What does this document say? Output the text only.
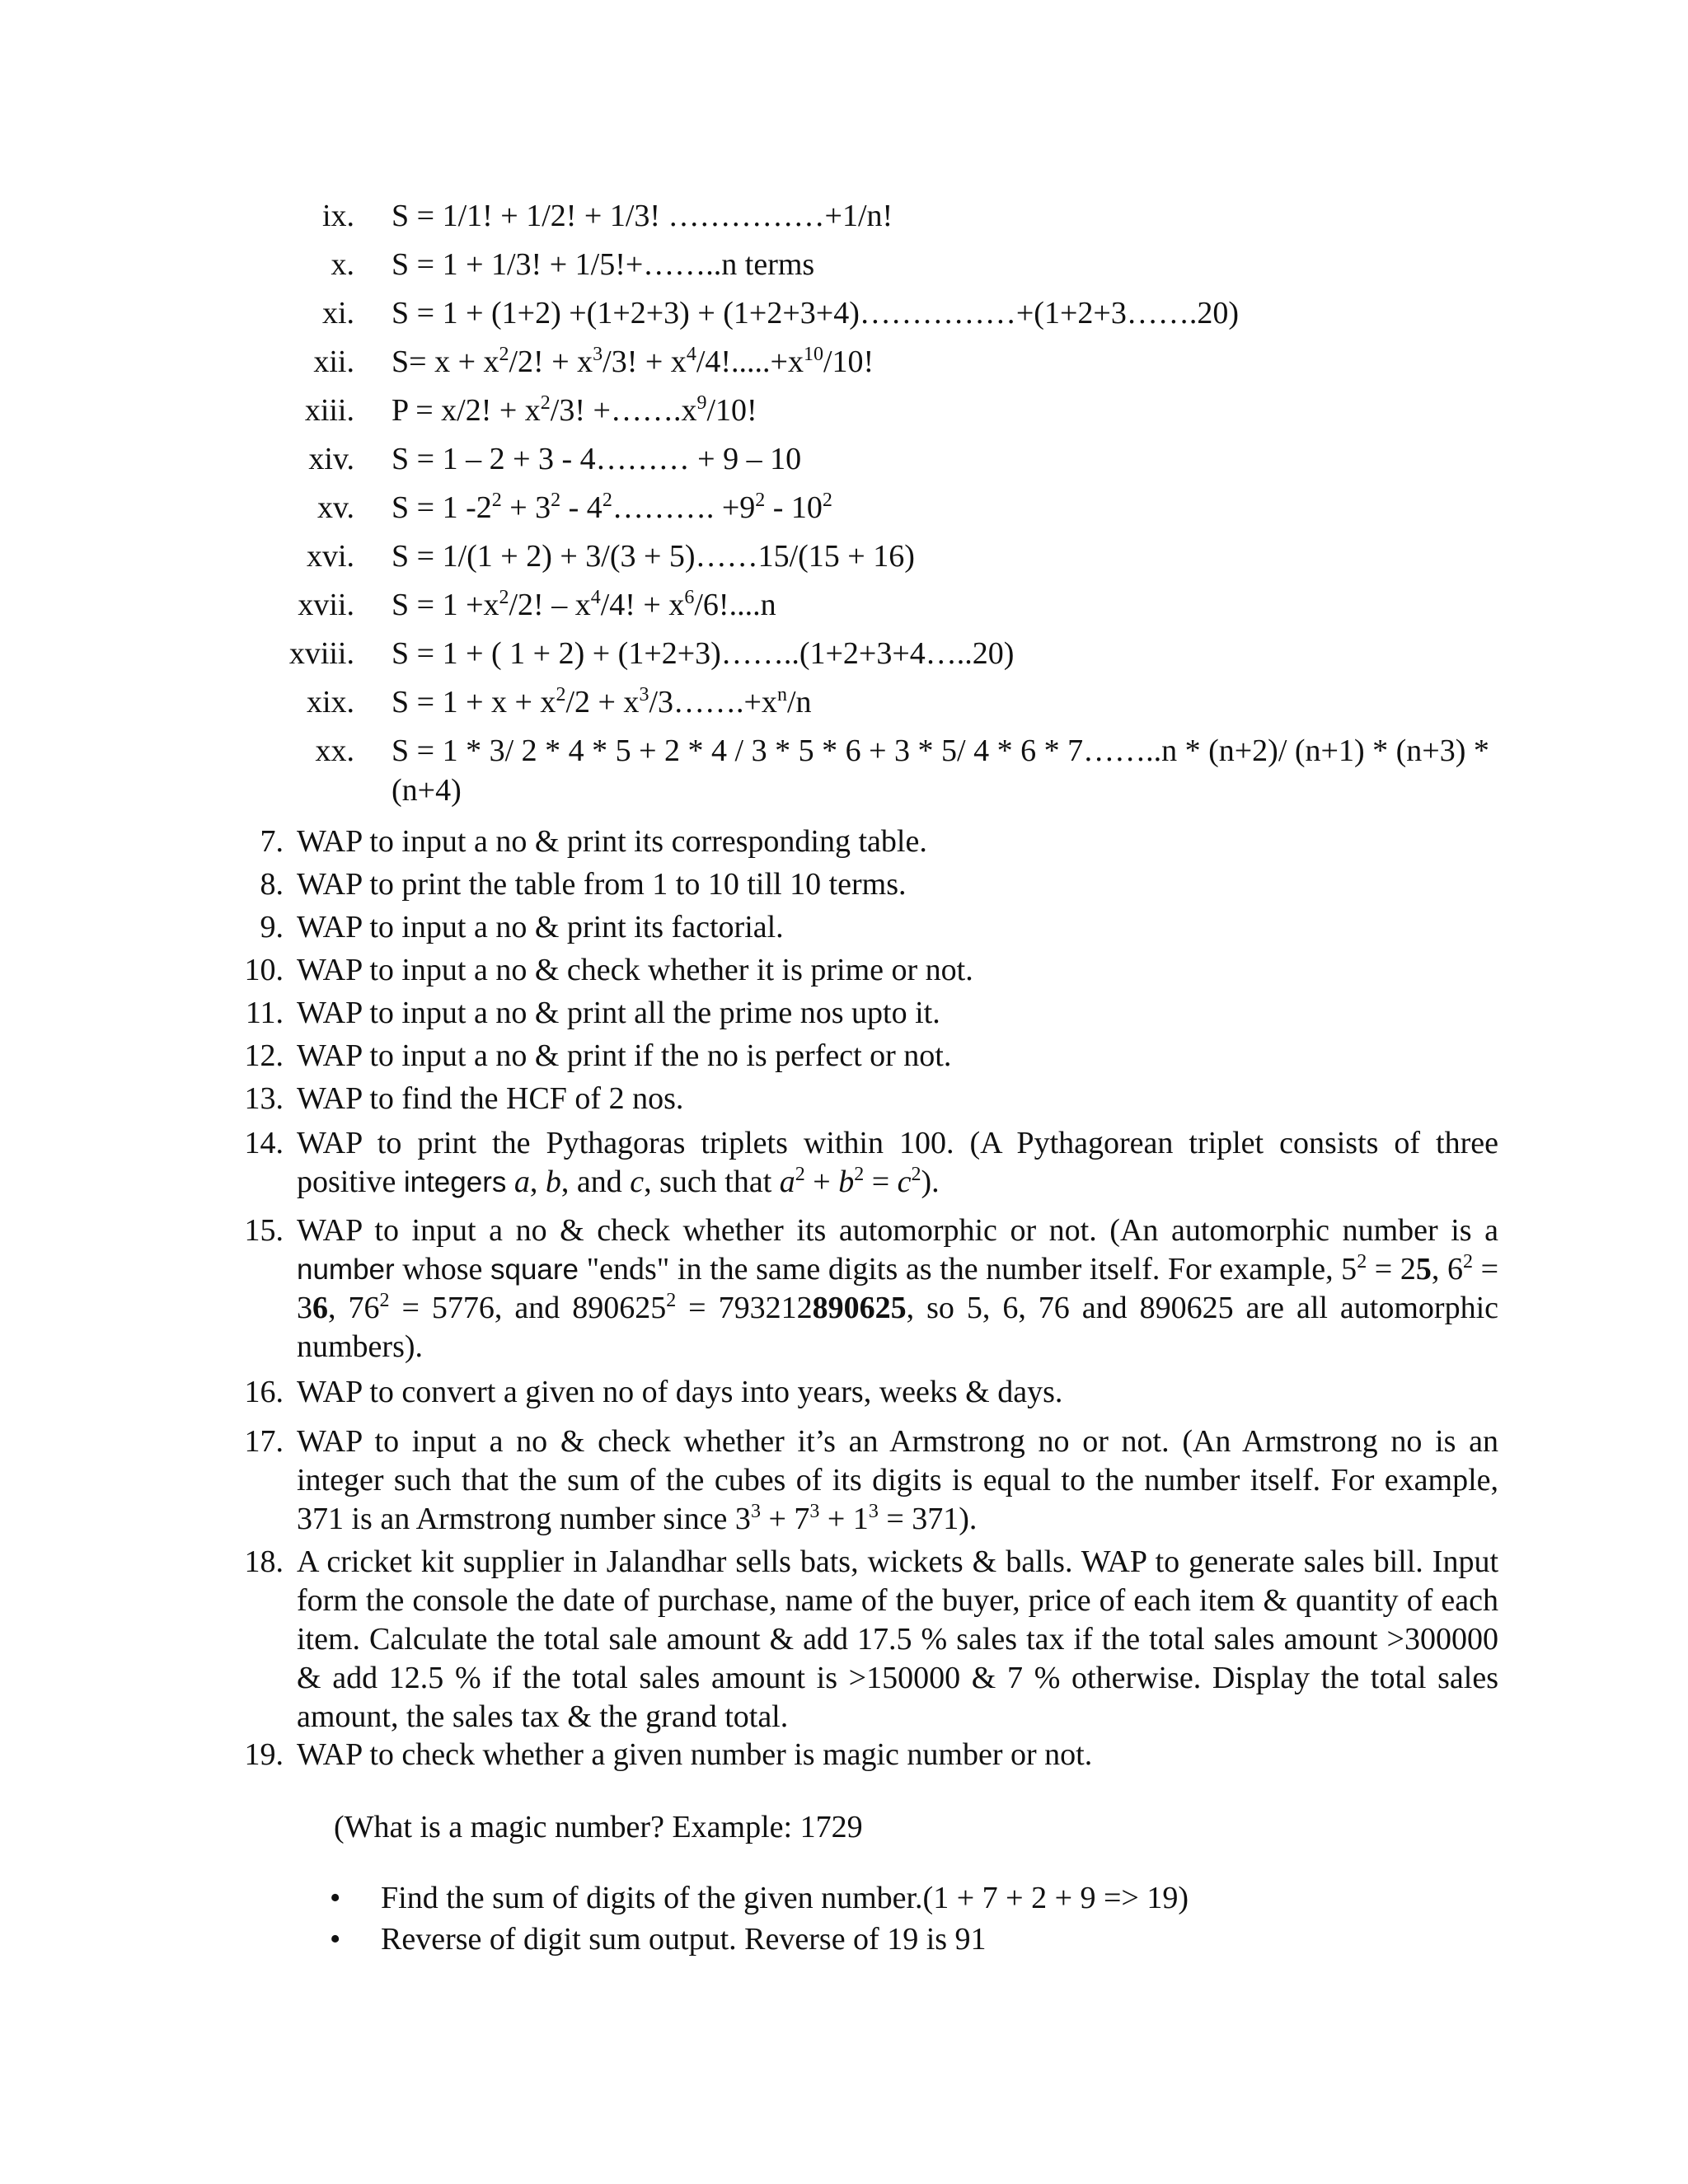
ix. S = 1/1! + 1/2! + 1/3! ……………+1/n!
x. S = 1 + 1/3! + 1/5!+……..n terms
xi. S = 1 + (1+2) +(1+2+3) + (1+2+3+4)……………+(1+2+3…….20)
xii. $S= x + x^2/2$! + $x^3/3$! + $x^4/4!.....+x^{10}/10$!
xiii. P = x/2! + $x^2/3$! $+\dots\dots.x^9/10$!
xiv. S = 1 – 2 + 3 - 4……… + 9 – 10
xv. S = 1 $-2^2 + 3^2$ - $4^2\dots\dots\dots$. $+9^2 - 10^2$
xvi. S = 1/(1 + 2) + 3/(3 + 5)……15/(15 + 16)
xvii. $S = 1 +x^2/2$! – $x^4/4$! + $x^6/6!....n$
xviii. S = 1 + ( 1 + 2) + (1+2+3)……..(1+2+3+4…..20)
xix. $S = 1 + x + x^2/2$ + $x^3/3\dots\dots.+x^n/n$
xx. S = 1 * 3/ 2 * 4 * 5 + 2 * 4 / 3 * 5 * 6 + 3 * 5/ 4 * 6 * 7……..n * (n+2)/ (n+1) * (n+3) * (n+4)
7. WAP to input a no & print its corresponding table.
8. WAP to print the table from 1 to 10 till 10 terms.
9. WAP to input a no & print its factorial.
10. WAP to input a no & check whether it is prime or not.
11. WAP to input a no & print all the prime nos upto it.
12. WAP to input a no & print if the no is perfect or not.
13. WAP to find the HCF of 2 nos.
14. WAP to print the Pythagoras triplets within 100. (A Pythagorean triplet consists of three positive integers a, b, and c, such that $a^2 + b^2 = c^2$).
15. WAP to input a no & check whether its automorphic or not. (An automorphic number is a number whose square "ends" in the same digits as the number itself. For example, $5^2 = 25$, $6^2 = 36$, $76^2 = 5776$, and $890625^2 = 793212890625$, so 5, 6, 76 and 890625 are all automorphic numbers).
16. WAP to convert a given no of days into years, weeks & days.
17. WAP to input a no & check whether it’s an Armstrong no or not. (An Armstrong no is an integer such that the sum of the cubes of its digits is equal to the number itself. For example, 371 is an Armstrong number since $3^3 + 7^3 + 1^3 = 371$).
18. A cricket kit supplier in Jalandhar sells bats, wickets & balls. WAP to generate sales bill. Input form the console the date of purchase, name of the buyer, price of each item & quantity of each item. Calculate the total sale amount & add 17.5 % sales tax if the total sales amount >300000 & add 12.5 % if the total sales amount is >150000 & 7 % otherwise. Display the total sales amount, the sales tax & the grand total.
19. WAP to check whether a given number is magic number or not.
(What is a magic number? Example: 1729
• Find the sum of digits of the given number.(1 + 7 + 2 + 9 => 19)
• Reverse of digit sum output. Reverse of 19 is 91
